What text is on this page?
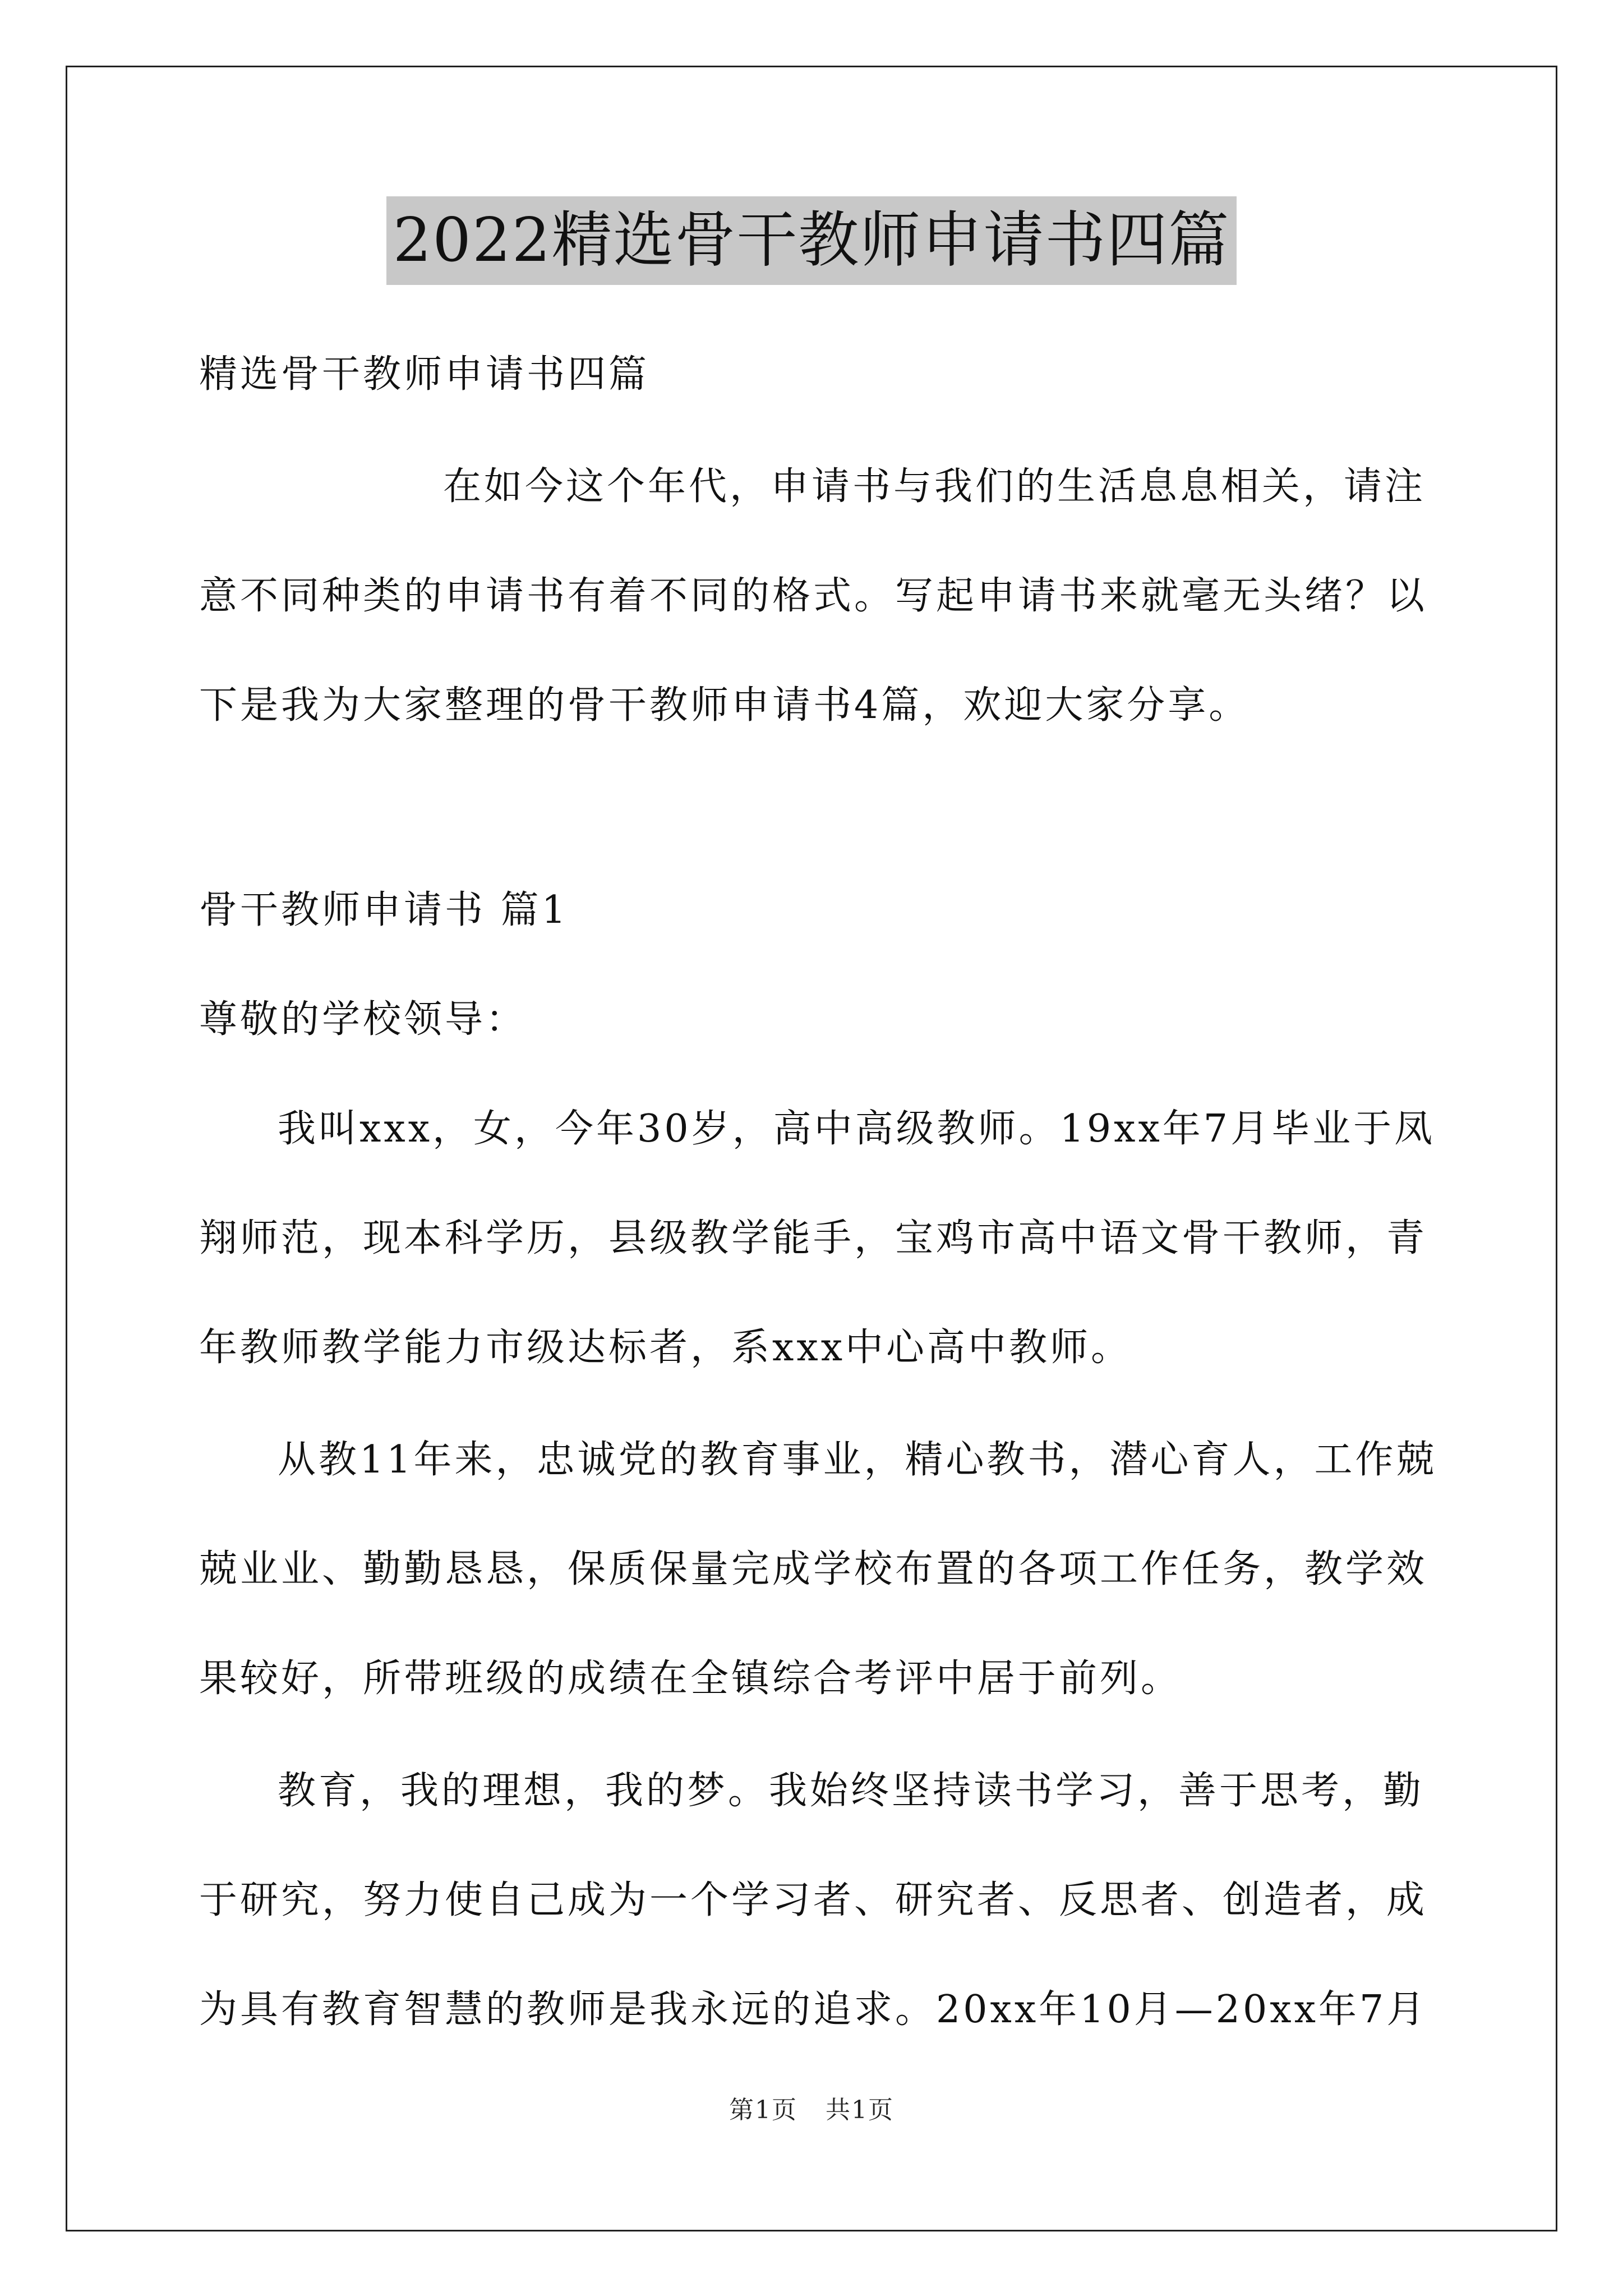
2022精选骨干教师申请书四篇

精选骨干教师申请书四篇

在如今这个年代，申请书与我们的生活息息相关，请注

意不同种类的申请书有着不同的格式。写起申请书来就毫无头绪？以

下是我为大家整理的骨干教师申请书4篇，欢迎大家分享。

骨干教师申请书 篇1

尊敬的学校领导：

我叫xxx，女，今年30岁，高中高级教师。19xx年7月毕业于凤

翔师范，现本科学历，县级教学能手，宝鸡市高中语文骨干教师，青

年教师教学能力市级达标者，系xxx中心高中教师。

从教11年来，忠诚党的教育事业，精心教书，潜心育人，工作兢

兢业业、勤勤恳恳，保质保量完成学校布置的各项工作任务，教学效

果较好，所带班级的成绩在全镇综合考评中居于前列。

教育，我的理想，我的梦。我始终坚持读书学习，善于思考，勤

于研究，努力使自己成为一个学习者、研究者、反思者、创造者，成

为具有教育智慧的教师是我永远的追求。20xx年10月—20xx年7月

第1页 共1页
